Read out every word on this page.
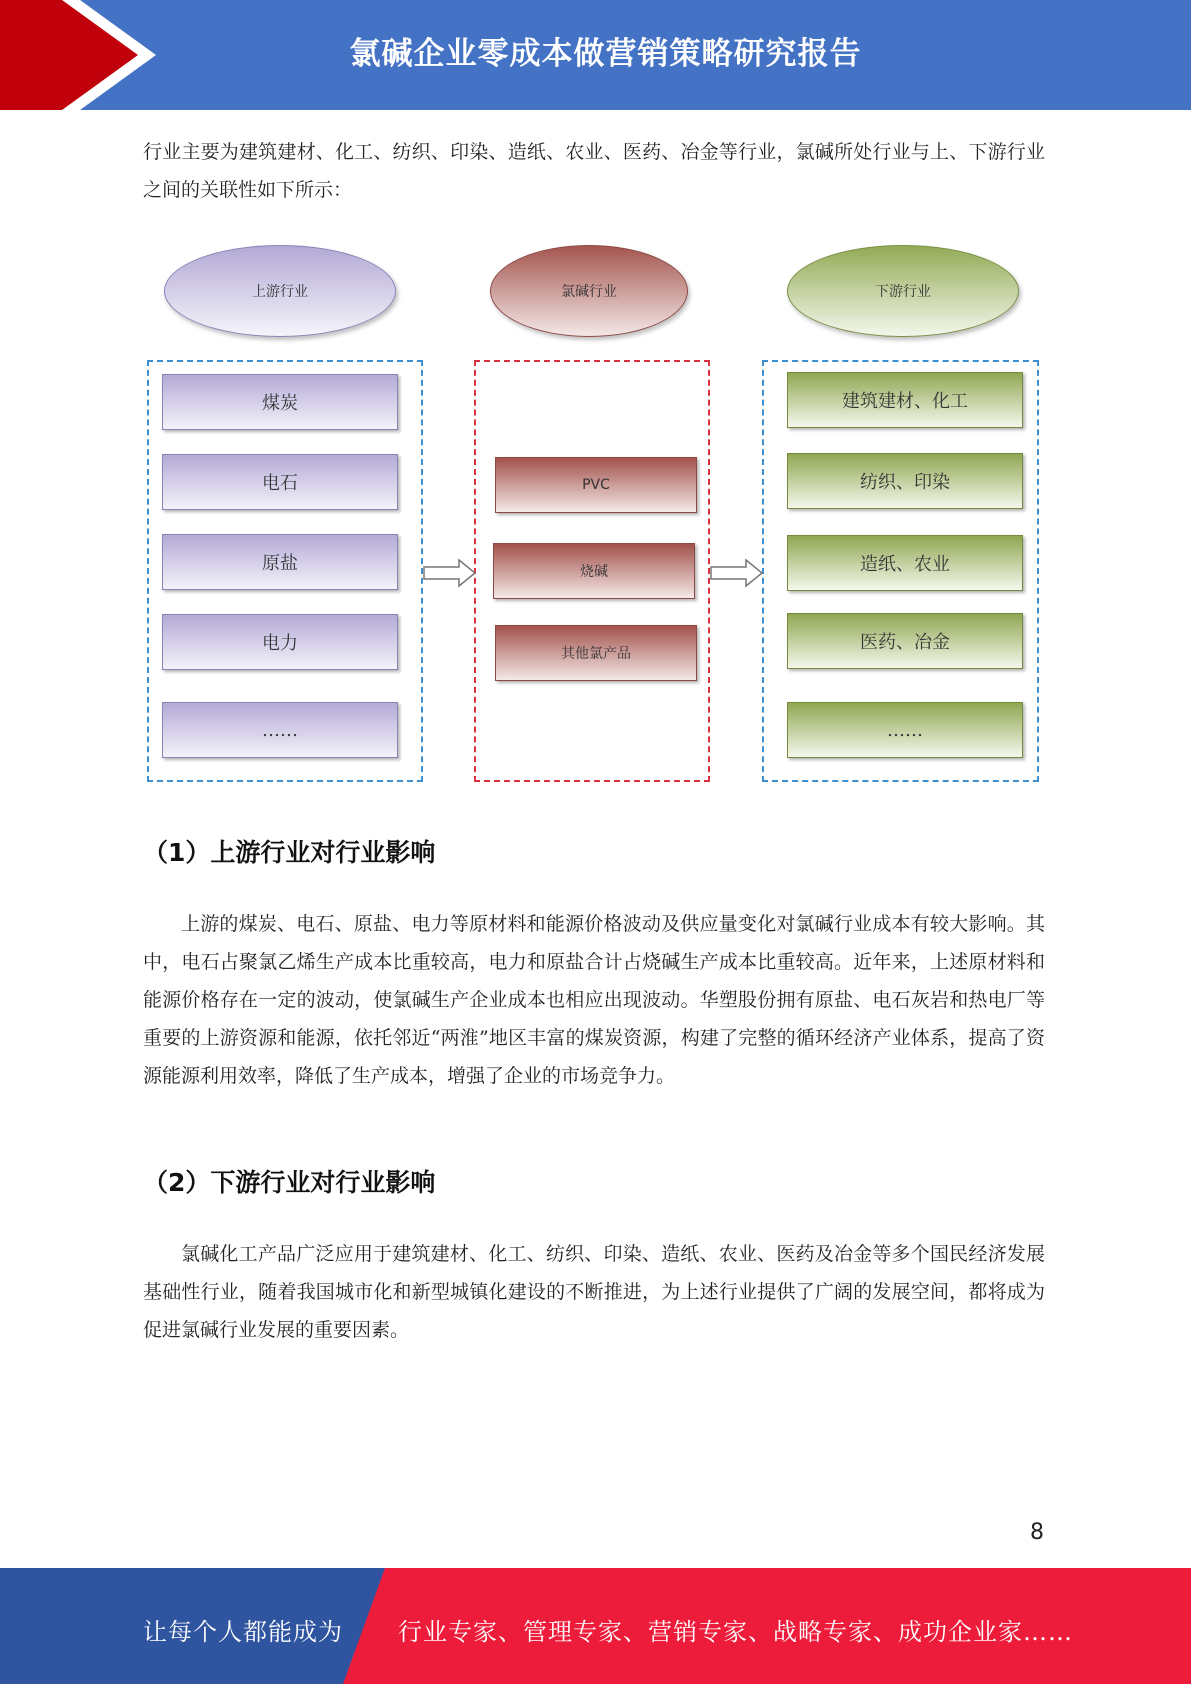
氯碱企业零成本做营销策略研究报告

行业主要为建筑建材、化工、纺织、印染、造纸、农业、医药、冶金等行业，氯碱所处行业与上、下游行业之间的关联性如下所示：

上游行业	氯碱行业	下游行业
煤炭
电石
原盐
电力
……
PVC
烧碱
其他氯产品
建筑建材、化工
纺织、印染
造纸、农业
医药、冶金
……
（1）上游行业对行业影响

上游的煤炭、电石、原盐、电力等原材料和能源价格波动及供应量变化对氯碱行业成本有较大影响。其中，电石占聚氯乙烯生产成本比重较高，电力和原盐合计占烧碱生产成本比重较高。近年来，上述原材料和能源价格存在一定的波动，使氯碱生产企业成本也相应出现波动。华塑股份拥有原盐、电石灰岩和热电厂等重要的上游资源和能源，依托邻近“两淮”地区丰富的煤炭资源，构建了完整的循环经济产业体系，提高了资源能源利用效率，降低了生产成本，增强了企业的市场竞争力。

（2）下游行业对行业影响

氯碱化工产品广泛应用于建筑建材、化工、纺织、印染、造纸、农业、医药及冶金等多个国民经济发展基础性行业，随着我国城市化和新型城镇化建设的不断推进，为上述行业提供了广阔的发展空间，都将成为促进氯碱行业发展的重要因素。

8
让每个人都能成为 行业专家、管理专家、营销专家、战略专家、成功企业家……
